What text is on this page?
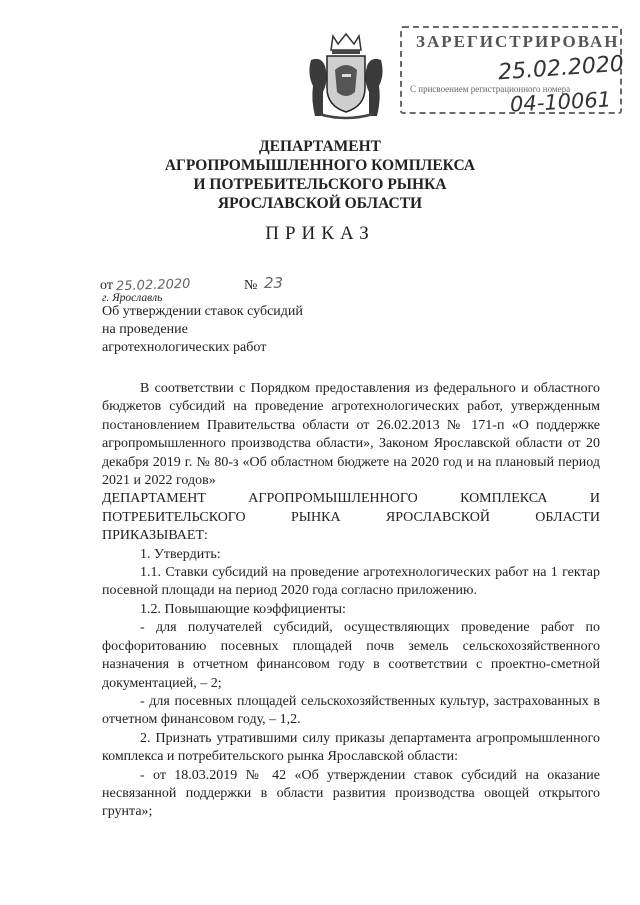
ЗАРЕГИСТРИРОВАН
25.02.2020
С присвоением регистрационного номера
04-10061
ДЕПАРТАМЕНТ
АГРОПРОМЫШЛЕННОГО КОМПЛЕКСА
И ПОТРЕБИТЕЛЬСКОГО РЫНКА
ЯРОСЛАВСКОЙ ОБЛАСТИ
ПРИКАЗ
от 25.02.2020	№ 23
г. Ярославль
Об утверждении ставок субсидий
на проведение
агротехнологических работ

В соответствии с Порядком предоставления из федерального и областного бюджетов субсидий на проведение агротехнологических работ, утвержденным постановлением Правительства области от 26.02.2013 № 171-п «О поддержке агропромышленного производства области», Законом Ярославской области от 20 декабря 2019 г. № 80-з «Об областном бюджете на 2020 год и на плановый период 2021 и 2022 годов»

ДЕПАРТАМЕНТ АГРОПРОМЫШЛЕННОГО КОМПЛЕКСА И

ПОТРЕБИТЕЛЬСКОГО РЫНКА ЯРОСЛАВСКОЙ ОБЛАСТИ

ПРИКАЗЫВАЕТ:

1. Утвердить:

1.1. Ставки субсидий на проведение агротехнологических работ на 1 гектар посевной площади на период 2020 года согласно приложению.

1.2. Повышающие коэффициенты:

- для получателей субсидий, осуществляющих проведение работ по фосфоритованию посевных площадей почв земель сельскохозяйственного назначения в отчетном финансовом году в соответствии с проектно-сметной документацией, – 2;

- для посевных площадей сельскохозяйственных культур, застрахованных в отчетном финансовом году, – 1,2.

2. Признать утратившими силу приказы департамента агропромышленного комплекса и потребительского рынка Ярославской области:

- от 18.03.2019 № 42 «Об утверждении ставок субсидий на оказание несвязанной поддержки в области развития производства овощей открытого грунта»;
